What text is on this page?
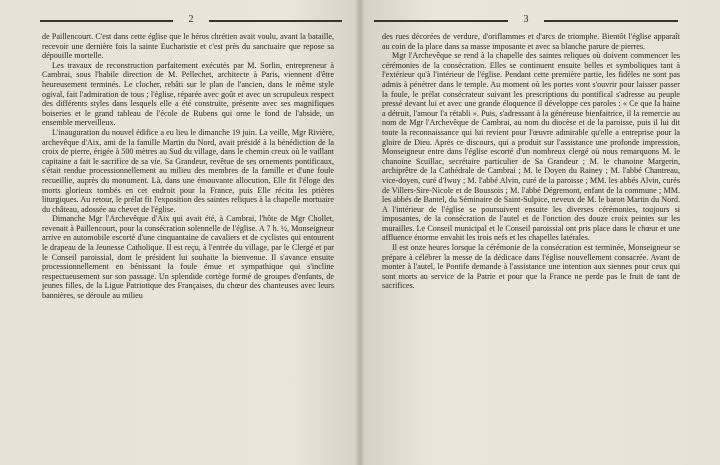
2

de Paillencourt. C'est dans cette église que le héros chrétien avait voulu, avant la bataille, recevoir une dernière fois la sainte Eucharistie et c'est près du sanctuaire que repose sa dépouille mortelle.

Les travaux de reconstruction parfaitement exécutés par M. Sorlin, entrepreneur à Cambrai, sous l'habile direction de M. Pellechet, architecte à Paris, viennent d'être heureusement terminés. Le clocher, rebâti sur le plan de l'ancien, dans le même style ogival, fait l'admiration de tous ; l'église, réparée avec goût et avec un scrupuleux respect des différents styles dans lesquels elle a été construite, présente avec ses magnifiques boiseries et le grand tableau de l'école de Rubens qui orne le fond de l'abside, un ensemble merveilleux.

L'inauguration du nouvel édifice a eu lieu le dimanche 19 juin. La veille, Mgr Rivière, archevêque d'Aix, ami de la famille Martin du Nord, avait présidé à la bénédiction de la croix de pierre, érigée à 500 mètres au Sud du village, dans le chemin creux où le vaillant capitaine a fait le sacrifice de sa vie. Sa Grandeur, revêtue de ses ornements pontificaux, s'était rendue processionnellement au milieu des membres de la famille et d'une foule recueillie, auprès du monument. Là, dans une émouvante allocution, Elle fit l'éloge des morts glorieux tombés en cet endroit pour la France, puis Elle récita les prières liturgiques. Au retour, le prélat fit l'exposition des saintes reliques à la chapelle mortuaire du château, adossée au chevet de l'église.

Dimanche Mgr l'Archevêque d'Aix qui avait été, à Cambrai, l'hôte de Mgr Chollet, revenait à Paillencourt, pour la consécration solennelle de l'église. A 7 h. ½, Monseigneur arrive en automobile escorté d'une cinquantaine de cavaliers et de cyclistes qui entourent le drapeau de la Jeunesse Catholique. Il est reçu, à l'entrée du village, par le Clergé et par le Conseil paroissial, dont le président lui souhaite la bienvenue. Il s'avance ensuite processionnellement en bénissant la foule émue et sympathique qui s'incline respectueusement sur son passage. Un splendide cortège formé de groupes d'enfants, de jeunes filles, de la Ligue Patriotique des Françaises, du chœur des chanteuses avec leurs bannières, se déroule au milieu

3

des rues décorées de verdure, d'oriflammes et d'arcs de triomphe. Bientôt l'église apparaît au coin de la place dans sa masse imposante et avec sa blanche parure de pierres.

Mgr l'Archevêque se rend à la chapelle des saintes reliques où doivent commencer les cérémonies de la consécration. Elles se continuent ensuite belles et symboliques tant à l'extérieur qu'à l'intérieur de l'église. Pendant cette première partie, les fidèles ne sont pas admis à pénétrer dans le temple. Au moment où les portes vont s'ouvrir pour laisser passer la foule, le prélat consécrateur suivant les prescriptions du pontifical s'adresse au peuple pressé devant lui et avec une grande éloquence il développe ces paroles : « Ce que la haine a détruit, l'amour l'a rétabli ». Puis, s'adressant à la généreuse bienfaitrice, il la remercie au nom de Mgr l'Archevêque de Cambrai, au nom du diocèse et de la paroisse, puis il lui dit toute la reconnaissance qui lui revient pour l'œuvre admirable qu'elle a entreprise pour la gloire de Dieu. Après ce discours, qui a produit sur l'assistance une profonde impression, Monseigneur entre dans l'église escorté d'un nombreux clergé où nous remarquons M. le chanoine Scuillac, secrétaire particulier de Sa Grandeur ; M. le chanoine Margerin, archiprêtre de la Cathédrale de Cambrai ; M. le Doyen du Rainey ; M. l'abbé Chantreau, vice-doyen, curé d'Iwuy ; M. l'abbé Alvin, curé de la paroisse ; MM. les abbés Alvin, curés de Villers-Sire-Nicole et de Boussois ; M. l'abbé Dégremont, enfant de la commune ; MM. les abbés de Bantel, du Séminaire de Saint-Sulpice, neveux de M. le baron Martin du Nord. A l'intérieur de l'église se poursuivent ensuite les diverses cérémonies, toujours si imposantes, de la consécration de l'autel et de l'onction des douze croix peintes sur les murailles. Le Conseil municipal et le Conseil paroissial ont pris place dans le chœur et une affluence énorme envahit les trois nefs et les chapelles latérales.

Il est onze heures lorsque la cérémonie de la consécration est terminée, Monseigneur se prépare à célébrer la messe de la dédicace dans l'église nouvellement consacrée. Avant de monter à l'autel, le Pontife demande à l'assistance une intention aux siennes pour ceux qui sont morts au service de la Patrie et pour que la France ne perde pas le fruit de tant de sacrifices.
